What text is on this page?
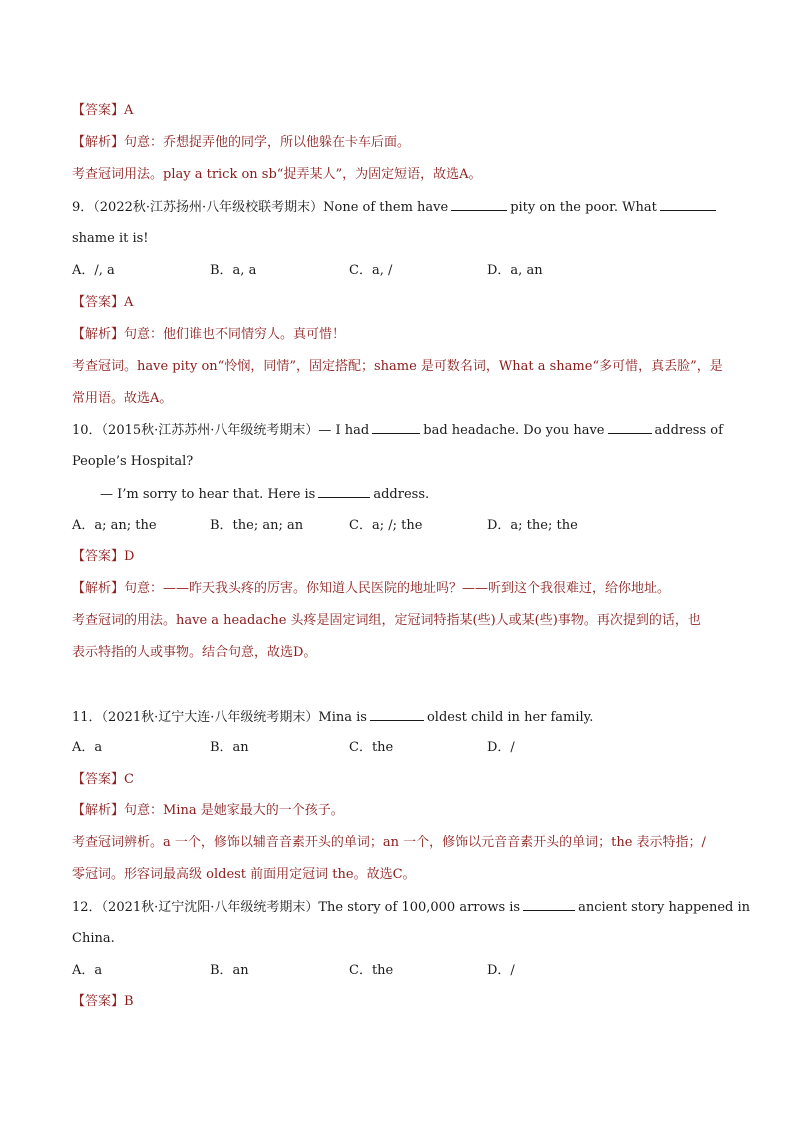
【答案】A
【解析】句意：乔想捉弄他的同学，所以他躲在卡车后面。
考查冠词用法。play a trick on sb“捉弄某人”，为固定短语，故选A。
9．（2022秋·江苏扬州·八年级校联考期末）None of them have	pity on the poor. What
shame it is!
A．/, a	B．a, a	C．a, /	D．a, an
【答案】A
【解析】句意：他们谁也不同情穷人。真可惜！
考查冠词。have pity on“怜悯，同情”，固定搭配；shame 是可数名词，What a shame“多可惜，真丢脸”，是
常用语。故选A。
10．（2015秋·江苏苏州·八年级统考期末）— I had	bad headache. Do you have	address of
People’s Hospital?
— I’m sorry to hear that. Here is	address.
A．a; an; the	B．the; an; an	C．a; /; the	D．a; the; the
【答案】D
【解析】句意：——昨天我头疼的厉害。你知道人民医院的地址吗？——听到这个我很难过，给你地址。
考查冠词的用法。have a headache 头疼是固定词组，定冠词特指某(些)人或某(些)事物。再次提到的话，也
表示特指的人或事物。结合句意，故选D。
11．（2021秋·辽宁大连·八年级统考期末）Mina is	oldest child in her family.
A．a	B．an	C．the	D．/
【答案】C
【解析】句意：Mina 是她家最大的一个孩子。
考查冠词辨析。a 一个，修饰以辅音音素开头的单词；an 一个，修饰以元音音素开头的单词；the 表示特指；/
零冠词。形容词最高级 oldest 前面用定冠词 the。故选C。
12．（2021秋·辽宁沈阳·八年级统考期末）The story of 100,000 arrows is	ancient story happened in
China.
A．a	B．an	C．the	D．/
【答案】B
